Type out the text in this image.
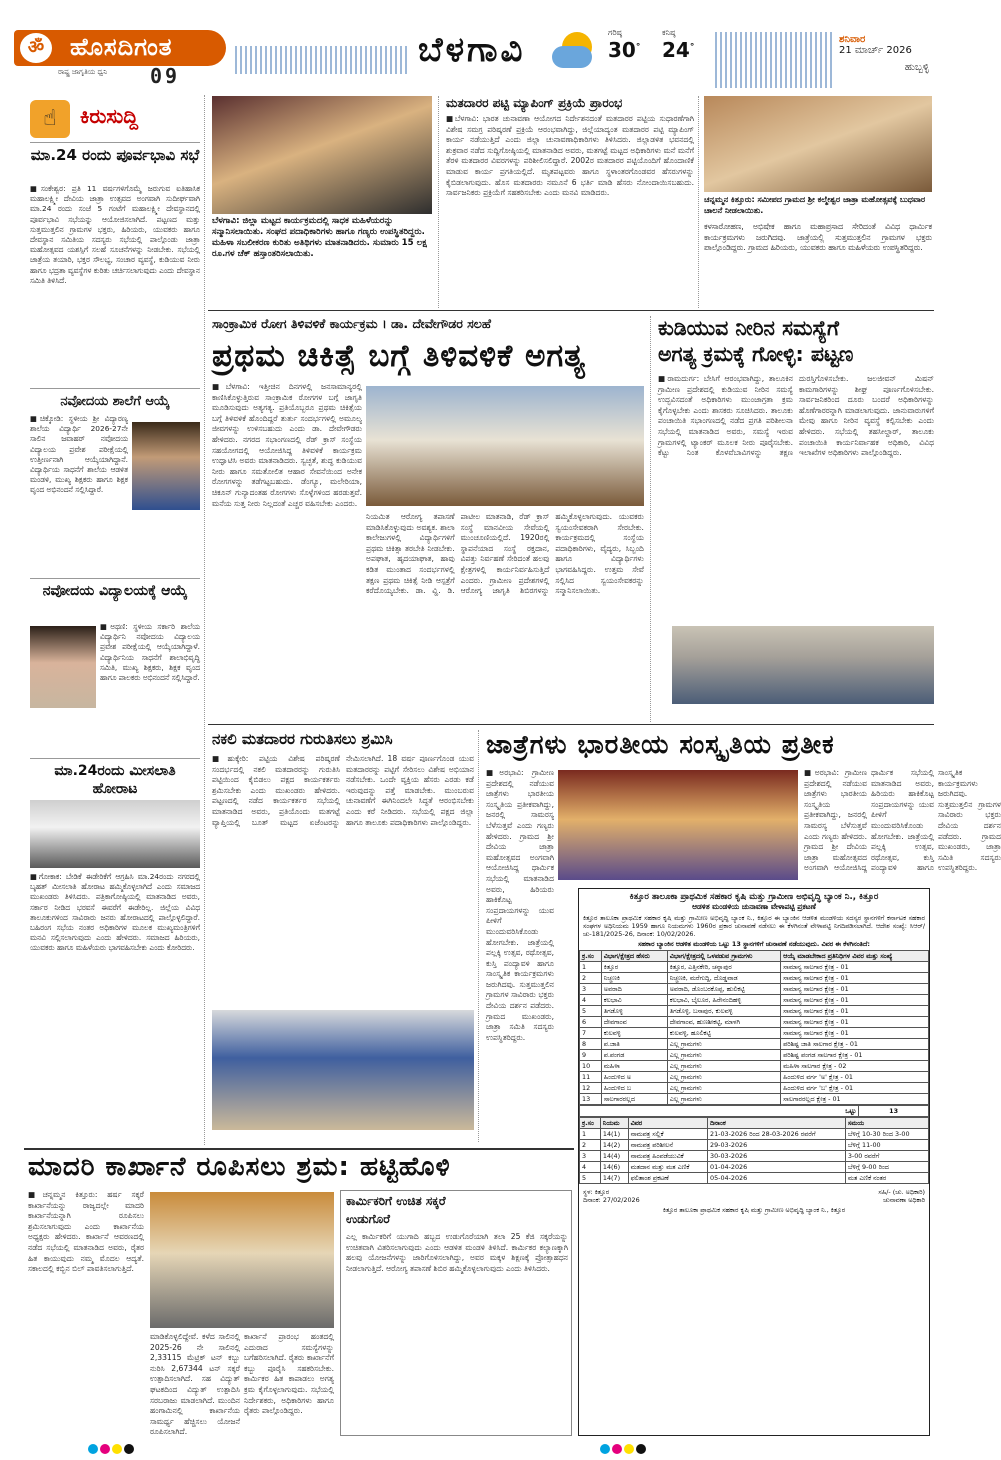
ಹೊಸದಿಗಂತ
ॐ
ರಾಷ್ಟ್ರ ಜಾಗೃತಿಯ ಧ್ವನಿ 09
ಬೆಳಗಾವಿ	ಗರಿಷ್ಠ
30°
ಕನಿಷ್ಠ
24°
ಶನಿವಾರ
21 ಮಾರ್ಚ್ 2026
ಹುಬ್ಬಳ್ಳಿ
☝	ಕಿರುಸುದ್ದಿ
ಮಾ.24 ರಂದು ಪೂರ್ವಭಾವಿ ಸಭೆ
■ಸಂಕೇಶ್ವರ: ಪ್ರತಿ 11 ವರ್ಷಗಳಿಗೊಮ್ಮೆ ಜರುಗುವ ಐತಿಹಾಸಿಕ ಮಹಾಲಕ್ಷ್ಮೀ ದೇವಿಯ ಜಾತ್ರಾ ಉತ್ಸವದ ಅಂಗವಾಗಿ ಸುದೀರ್ಘವಾಗಿ ಮಾ.24 ರಂದು ಸಂಜೆ 5 ಗಂಟೆಗೆ ಮಹಾಲಕ್ಷ್ಮೀ ದೇವಸ್ಥಾನದಲ್ಲಿ ಪೂರ್ವಭಾವಿ ಸಭೆಯನ್ನು ಆಯೋಜಿಸಲಾಗಿದೆ. ಪಟ್ಟಣದ ಮತ್ತು ಸುತ್ತಮುತ್ತಲಿನ ಗ್ರಾಮಗಳ ಭಕ್ತರು, ಹಿರಿಯರು, ಯುವಕರು ಹಾಗೂ ದೇವಸ್ಥಾನ ಸಮಿತಿಯ ಸದಸ್ಯರು ಸಭೆಯಲ್ಲಿ ಪಾಲ್ಗೊಂಡು ಜಾತ್ರಾ ಮಹೋತ್ಸವದ ಯಶಸ್ಸಿಗೆ ಸಲಹೆ ಸೂಚನೆಗಳನ್ನು ನೀಡಬೇಕು. ಸಭೆಯಲ್ಲಿ ಜಾತ್ರೆಯ ತಯಾರಿ, ಭಕ್ತರ ಸೌಲಭ್ಯ, ಸಂಚಾರ ವ್ಯವಸ್ಥೆ, ಕುಡಿಯುವ ನೀರು ಹಾಗೂ ಭದ್ರತಾ ವ್ಯವಸ್ಥೆಗಳ ಕುರಿತು ಚರ್ಚಿಸಲಾಗುವುದು ಎಂದು ದೇವಸ್ಥಾನ ಸಮಿತಿ ತಿಳಿಸಿದೆ.
ನವೋದಯ ಶಾಲೆಗೆ ಆಯ್ಕೆ
■ಚಿಕ್ಕೋಡಿ: ಸ್ಥಳೀಯ ಶ್ರೀ ವಿದ್ಯಾರಣ್ಯ ಶಾಲೆಯ ವಿದ್ಯಾರ್ಥಿ 2026-27ನೇ ಸಾಲಿನ ಜವಾಹರ್ ನವೋದಯ ವಿದ್ಯಾಲಯ ಪ್ರವೇಶ ಪರೀಕ್ಷೆಯಲ್ಲಿ ಉತ್ತೀರ್ಣನಾಗಿ ಆಯ್ಕೆಯಾಗಿದ್ದಾನೆ. ವಿದ್ಯಾರ್ಥಿಯ ಸಾಧನೆಗೆ ಶಾಲೆಯ ಆಡಳಿತ ಮಂಡಳಿ, ಮುಖ್ಯ ಶಿಕ್ಷಕರು ಹಾಗೂ ಶಿಕ್ಷಕ ವೃಂದ ಅಭಿನಂದನೆ ಸಲ್ಲಿಸಿದ್ದಾರೆ.
ನವೋದಯ ವಿದ್ಯಾಲಯಕ್ಕೆ ಆಯ್ಕೆ
■ಅಥಣಿ: ಸ್ಥಳೀಯ ಸರ್ಕಾರಿ ಶಾಲೆಯ ವಿದ್ಯಾರ್ಥಿನಿ ನವೋದಯ ವಿದ್ಯಾಲಯ ಪ್ರವೇಶ ಪರೀಕ್ಷೆಯಲ್ಲಿ ಆಯ್ಕೆಯಾಗಿದ್ದಾಳೆ. ವಿದ್ಯಾರ್ಥಿನಿಯ ಸಾಧನೆಗೆ ಶಾಲಾಭಿವೃದ್ಧಿ ಸಮಿತಿ, ಮುಖ್ಯ ಶಿಕ್ಷಕರು, ಶಿಕ್ಷಕ ವೃಂದ ಹಾಗೂ ಪಾಲಕರು ಅಭಿನಂದನೆ ಸಲ್ಲಿಸಿದ್ದಾರೆ.
ಮಾ.24ರಂದು ಮೀಸಲಾತಿ ಹೋರಾಟ
■ಗೋಕಾಕ: ಬೇಡಿಕೆ ಈಡೇರಿಕೆಗೆ ಆಗ್ರಹಿಸಿ ಮಾ.24ರಂದು ನಗರದಲ್ಲಿ ಬೃಹತ್ ಮೀಸಲಾತಿ ಹೋರಾಟ ಹಮ್ಮಿಕೊಳ್ಳಲಾಗಿದೆ ಎಂದು ಸಮಾಜದ ಮುಖಂಡರು ತಿಳಿಸಿದರು. ಪತ್ರಿಕಾಗೋಷ್ಠಿಯಲ್ಲಿ ಮಾತನಾಡಿದ ಅವರು, ಸರ್ಕಾರ ನೀಡಿದ ಭರವಸೆ ಈವರೆಗೆ ಈಡೇರಿಲ್ಲ. ಜಿಲ್ಲೆಯ ವಿವಿಧ ತಾಲೂಕುಗಳಿಂದ ಸಾವಿರಾರು ಜನರು ಹೋರಾಟದಲ್ಲಿ ಪಾಲ್ಗೊಳ್ಳಲಿದ್ದಾರೆ. ಬಹಿರಂಗ ಸಭೆಯ ನಂತರ ಅಧಿಕಾರಿಗಳ ಮೂಲಕ ಮುಖ್ಯಮಂತ್ರಿಗಳಿಗೆ ಮನವಿ ಸಲ್ಲಿಸಲಾಗುವುದು ಎಂದು ಹೇಳಿದರು. ಸಮಾಜದ ಹಿರಿಯರು, ಯುವಕರು ಹಾಗೂ ಮಹಿಳೆಯರು ಭಾಗವಹಿಸಬೇಕು ಎಂದು ಕೋರಿದರು.
ಬೆಳಗಾವಿ: ಜಿಲ್ಲಾ ಮಟ್ಟದ ಕಾರ್ಯಕ್ರಮದಲ್ಲಿ ಸಾಧಕ ಮಹಿಳೆಯರನ್ನು ಸನ್ಮಾನಿಸಲಾಯಿತು. ಸಂಘದ ಪದಾಧಿಕಾರಿಗಳು ಹಾಗೂ ಗಣ್ಯರು ಉಪಸ್ಥಿತರಿದ್ದರು. ಮಹಿಳಾ ಸಬಲೀಕರಣ ಕುರಿತು ಅತಿಥಿಗಳು ಮಾತನಾಡಿದರು. ಸುಮಾರು 15 ಲಕ್ಷ ರೂ.ಗಳ ಚೆಕ್ ಹಸ್ತಾಂತರಿಸಲಾಯಿತು.
ಮತದಾರರ ಪಟ್ಟಿ ಮ್ಯಾಪಿಂಗ್ ಪ್ರಕ್ರಿಯೆ ಪ್ರಾರಂಭ
■ಬೆಳಗಾವಿ: ಭಾರತ ಚುನಾವಣಾ ಆಯೋಗದ ನಿರ್ದೇಶನದಂತೆ ಮತದಾರರ ಪಟ್ಟಿಯ ಸುಧಾರಣೆಗಾಗಿ ವಿಶೇಷ ಸಮಗ್ರ ಪರಿಷ್ಕರಣೆ ಪ್ರಕ್ರಿಯೆ ಆರಂಭವಾಗಿದ್ದು, ಜಿಲ್ಲೆಯಾದ್ಯಂತ ಮತದಾರರ ಪಟ್ಟಿ ಮ್ಯಾಪಿಂಗ್ ಕಾರ್ಯ ನಡೆಯುತ್ತಿದೆ ಎಂದು ಜಿಲ್ಲಾ ಚುನಾವಣಾಧಿಕಾರಿಗಳು ತಿಳಿಸಿದರು. ಜಿಲ್ಲಾಡಳಿತ ಭವನದಲ್ಲಿ ಶುಕ್ರವಾರ ನಡೆದ ಸುದ್ದಿಗೋಷ್ಠಿಯಲ್ಲಿ ಮಾತನಾಡಿದ ಅವರು, ಮತಗಟ್ಟೆ ಮಟ್ಟದ ಅಧಿಕಾರಿಗಳು ಮನೆ ಮನೆಗೆ ತೆರಳಿ ಮತದಾರರ ವಿವರಗಳನ್ನು ಪರಿಶೀಲಿಸಲಿದ್ದಾರೆ. 2002ರ ಮತದಾರರ ಪಟ್ಟಿಯೊಂದಿಗೆ ಹೊಂದಾಣಿಕೆ ಮಾಡುವ ಕಾರ್ಯ ಪ್ರಗತಿಯಲ್ಲಿದೆ. ಮೃತಪಟ್ಟವರು ಹಾಗೂ ಸ್ಥಳಾಂತರಗೊಂಡವರ ಹೆಸರುಗಳನ್ನು ಕೈಬಿಡಲಾಗುವುದು. ಹೊಸ ಮತದಾರರು ನಮೂನೆ 6 ಭರ್ತಿ ಮಾಡಿ ಹೆಸರು ನೋಂದಾಯಿಸಬಹುದು. ಸಾರ್ವಜನಿಕರು ಪ್ರಕ್ರಿಯೆಗೆ ಸಹಕರಿಸಬೇಕು ಎಂದು ಮನವಿ ಮಾಡಿದರು.
ಚನ್ನಮ್ಮನ ಕಿತ್ತೂರು: ಸಮೀಪದ ಗ್ರಾಮದ ಶ್ರೀ ಕಲ್ಮೇಶ್ವರ ಜಾತ್ರಾ ಮಹೋತ್ಸವಕ್ಕೆ ಬುಧವಾರ ಚಾಲನೆ ನೀಡಲಾಯಿತು.
ಕಳಸಾರೋಹಣ, ಅಭಿಷೇಕ ಹಾಗೂ ಮಹಾಪ್ರಸಾದ ಸೇರಿದಂತೆ ವಿವಿಧ ಧಾರ್ಮಿಕ ಕಾರ್ಯಕ್ರಮಗಳು ಜರುಗಿದವು. ಜಾತ್ರೆಯಲ್ಲಿ ಸುತ್ತಮುತ್ತಲಿನ ಗ್ರಾಮಗಳ ಭಕ್ತರು ಪಾಲ್ಗೊಂಡಿದ್ದರು. ಗ್ರಾಮದ ಹಿರಿಯರು, ಯುವಕರು ಹಾಗೂ ಮಹಿಳೆಯರು ಉಪಸ್ಥಿತರಿದ್ದರು.
ಸಾಂಕ್ರಾಮಿಕ ರೋಗ ತಿಳಿವಳಿಕೆ ಕಾರ್ಯಕ್ರಮ । ಡಾ. ದೇವೇಗೌಡರ ಸಲಹೆ
ಪ್ರಥಮ ಚಿಕಿತ್ಸೆ ಬಗ್ಗೆ ತಿಳಿವಳಿಕೆ ಅಗತ್ಯ
■ಬೆಳಗಾವಿ: ಇತ್ತೀಚಿನ ದಿನಗಳಲ್ಲಿ ಜನಸಾಮಾನ್ಯರಲ್ಲಿ ಕಾಣಿಸಿಕೊಳ್ಳುತ್ತಿರುವ ಸಾಂಕ್ರಾಮಿಕ ರೋಗಗಳ ಬಗ್ಗೆ ಜಾಗೃತಿ ಮೂಡಿಸುವುದು ಅತ್ಯಗತ್ಯ. ಪ್ರತಿಯೊಬ್ಬರೂ ಪ್ರಥಮ ಚಿಕಿತ್ಸೆಯ ಬಗ್ಗೆ ತಿಳಿವಳಿಕೆ ಹೊಂದಿದ್ದರೆ ತುರ್ತು ಸಂದರ್ಭಗಳಲ್ಲಿ ಅಮೂಲ್ಯ ಜೀವಗಳನ್ನು ಉಳಿಸಬಹುದು ಎಂದು ಡಾ. ದೇವೇಗೌಡರು ಹೇಳಿದರು. ನಗರದ ಸಭಾಂಗಣದಲ್ಲಿ ರೆಡ್ ಕ್ರಾಸ್ ಸಂಸ್ಥೆಯ ಸಹಯೋಗದಲ್ಲಿ ಆಯೋಜಿಸಿದ್ದ ತಿಳಿವಳಿಕೆ ಕಾರ್ಯಕ್ರಮ ಉದ್ಘಾಟಿಸಿ ಅವರು ಮಾತನಾಡಿದರು. ಸ್ವಚ್ಛತೆ, ಶುದ್ಧ ಕುಡಿಯುವ ನೀರು ಹಾಗೂ ಸಮತೋಲಿತ ಆಹಾರ ಸೇವನೆಯಿಂದ ಅನೇಕ ರೋಗಗಳನ್ನು ತಡೆಗಟ್ಟಬಹುದು. ಡೆಂಗ್ಯೂ, ಮಲೇರಿಯಾ, ಚಿಕೂನ್ ಗುನ್ಯಾದಂತಹ ರೋಗಗಳು ಸೊಳ್ಳೆಗಳಿಂದ ಹರಡುತ್ತವೆ. ಮನೆಯ ಸುತ್ತ ನೀರು ನಿಲ್ಲದಂತೆ ಎಚ್ಚರ ವಹಿಸಬೇಕು ಎಂದರು.
ನಿಯಮಿತ ಆರೋಗ್ಯ ತಪಾಸಣೆ ಮಾಡಿಸಿಕೊಳ್ಳುವುದು ಅವಶ್ಯಕ. ಶಾಲಾ ಕಾಲೇಜುಗಳಲ್ಲಿ ವಿದ್ಯಾರ್ಥಿಗಳಿಗೆ ಪ್ರಥಮ ಚಿಕಿತ್ಸಾ ತರಬೇತಿ ನೀಡಬೇಕು. ಅಪಘಾತ, ಹೃದಯಾಘಾತ, ಹಾವು ಕಡಿತ ಮುಂತಾದ ಸಂದರ್ಭಗಳಲ್ಲಿ ತಕ್ಷಣ ಪ್ರಥಮ ಚಿಕಿತ್ಸೆ ನೀಡಿ ಆಸ್ಪತ್ರೆಗೆ ಕರೆದೊಯ್ಯಬೇಕು. ಡಾ. ವ್ಹಿ. ಡಿ. ಪಾಟೀಲ ಮಾತನಾಡಿ, ರೆಡ್ ಕ್ರಾಸ್ ಸಂಸ್ಥೆ ಮಾನವೀಯ ಸೇವೆಯಲ್ಲಿ ಮುಂಚೂಣಿಯಲ್ಲಿದೆ. 1920ರಲ್ಲಿ ಸ್ಥಾಪನೆಯಾದ ಸಂಸ್ಥೆ ರಕ್ತದಾನ, ವಿಪತ್ತು ನಿರ್ವಹಣೆ ಸೇರಿದಂತೆ ಹಲವು ಕ್ಷೇತ್ರಗಳಲ್ಲಿ ಕಾರ್ಯನಿರ್ವಹಿಸುತ್ತಿದೆ ಎಂದರು. ಗ್ರಾಮೀಣ ಪ್ರದೇಶಗಳಲ್ಲಿ ಆರೋಗ್ಯ ಜಾಗೃತಿ ಶಿಬಿರಗಳನ್ನು ಹಮ್ಮಿಕೊಳ್ಳಲಾಗುವುದು. ಯುವಕರು ಸ್ವಯಂಸೇವಕರಾಗಿ ಸೇರಬೇಕು. ಕಾರ್ಯಕ್ರಮದಲ್ಲಿ ಸಂಸ್ಥೆಯ ಪದಾಧಿಕಾರಿಗಳು, ವೈದ್ಯರು, ಸಿಬ್ಬಂದಿ ಹಾಗೂ ವಿದ್ಯಾರ್ಥಿಗಳು ಭಾಗವಹಿಸಿದ್ದರು. ಉತ್ತಮ ಸೇವೆ ಸಲ್ಲಿಸಿದ ಸ್ವಯಂಸೇವಕರನ್ನು ಸನ್ಮಾನಿಸಲಾಯಿತು.
ಕುಡಿಯುವ ನೀರಿನ ಸಮಸ್ಯೆಗೆ
ಅಗತ್ಯ ಕ್ರಮಕ್ಕೆ ಗೋಳ್ಳಿ: ಪಟ್ಟಣ
■ರಾಮದುರ್ಗ: ಬೇಸಿಗೆ ಆರಂಭವಾಗಿದ್ದು, ತಾಲೂಕಿನ ಗ್ರಾಮೀಣ ಪ್ರದೇಶದಲ್ಲಿ ಕುಡಿಯುವ ನೀರಿನ ಸಮಸ್ಯೆ ಉದ್ಭವಿಸದಂತೆ ಅಧಿಕಾರಿಗಳು ಮುಂಜಾಗ್ರತಾ ಕ್ರಮ ಕೈಗೊಳ್ಳಬೇಕು ಎಂದು ಶಾಸಕರು ಸೂಚಿಸಿದರು. ತಾಲೂಕು ಪಂಚಾಯಿತಿ ಸಭಾಂಗಣದಲ್ಲಿ ನಡೆದ ಪ್ರಗತಿ ಪರಿಶೀಲನಾ ಸಭೆಯಲ್ಲಿ ಮಾತನಾಡಿದ ಅವರು, ಸಮಸ್ಯೆ ಇರುವ ಗ್ರಾಮಗಳಲ್ಲಿ ಟ್ಯಾಂಕರ್ ಮೂಲಕ ನೀರು ಪೂರೈಸಬೇಕು. ಕೆಟ್ಟು ನಿಂತ ಕೊಳವೆಬಾವಿಗಳನ್ನು ತಕ್ಷಣ ದುರಸ್ತಿಗೊಳಿಸಬೇಕು. ಜಲಜೀವನ್ ಮಿಷನ್ ಕಾಮಗಾರಿಗಳನ್ನು ಶೀಘ್ರ ಪೂರ್ಣಗೊಳಿಸಬೇಕು. ಸಾರ್ವಜನಿಕರಿಂದ ದೂರು ಬಂದರೆ ಅಧಿಕಾರಿಗಳನ್ನು ಹೊಣೆಗಾರರನ್ನಾಗಿ ಮಾಡಲಾಗುವುದು. ಜಾನುವಾರುಗಳಿಗೆ ಮೇವು ಹಾಗೂ ನೀರಿನ ವ್ಯವಸ್ಥೆ ಕಲ್ಪಿಸಬೇಕು ಎಂದು ಹೇಳಿದರು. ಸಭೆಯಲ್ಲಿ ತಹಸೀಲ್ದಾರ್, ತಾಲೂಕು ಪಂಚಾಯಿತಿ ಕಾರ್ಯನಿರ್ವಾಹಕ ಅಧಿಕಾರಿ, ವಿವಿಧ ಇಲಾಖೆಗಳ ಅಧಿಕಾರಿಗಳು ಪಾಲ್ಗೊಂಡಿದ್ದರು.
ನಕಲಿ ಮತದಾರರ ಗುರುತಿಸಲು ಶ್ರಮಿಸಿ
■ಹುಕ್ಕೇರಿ: ಪಟ್ಟಿಯ ವಿಶೇಷ ಪರಿಷ್ಕರಣೆ ಸಂದರ್ಭದಲ್ಲಿ ನಕಲಿ ಮತದಾರರನ್ನು ಗುರುತಿಸಿ ಪಟ್ಟಿಯಿಂದ ಕೈಬಿಡಲು ಪಕ್ಷದ ಕಾರ್ಯಕರ್ತರು ಶ್ರಮಿಸಬೇಕು ಎಂದು ಮುಖಂಡರು ಹೇಳಿದರು. ಪಟ್ಟಣದಲ್ಲಿ ನಡೆದ ಕಾರ್ಯಕರ್ತರ ಸಭೆಯಲ್ಲಿ ಮಾತನಾಡಿದ ಅವರು, ಪ್ರತಿಯೊಂದು ಮತಗಟ್ಟೆ ವ್ಯಾಪ್ತಿಯಲ್ಲಿ ಬೂತ್ ಮಟ್ಟದ ಏಜೆಂಟರನ್ನು ನೇಮಿಸಲಾಗಿದೆ. 18 ವರ್ಷ ಪೂರ್ಣಗೊಂಡ ಯುವ ಮತದಾರರನ್ನು ಪಟ್ಟಿಗೆ ಸೇರಿಸಲು ವಿಶೇಷ ಅಭಿಯಾನ ನಡೆಸಬೇಕು. ಒಂದೇ ವ್ಯಕ್ತಿಯ ಹೆಸರು ಎರಡು ಕಡೆ ಇರುವುದನ್ನು ಪತ್ತೆ ಮಾಡಬೇಕು. ಮುಂಬರುವ ಚುನಾವಣೆಗೆ ಈಗಿನಿಂದಲೇ ಸಿದ್ಧತೆ ಆರಂಭಿಸಬೇಕು ಎಂದು ಕರೆ ನೀಡಿದರು. ಸಭೆಯಲ್ಲಿ ಪಕ್ಷದ ಜಿಲ್ಲಾ ಹಾಗೂ ತಾಲೂಕು ಪದಾಧಿಕಾರಿಗಳು ಪಾಲ್ಗೊಂಡಿದ್ದರು.
ಜಾತ್ರೆಗಳು ಭಾರತೀಯ ಸಂಸ್ಕೃತಿಯ ಪ್ರತೀಕ
■ಅರಭಾವಿ: ಗ್ರಾಮೀಣ ಪ್ರದೇಶದಲ್ಲಿ ನಡೆಯುವ ಜಾತ್ರೆಗಳು ಭಾರತೀಯ ಸಂಸ್ಕೃತಿಯ ಪ್ರತೀಕವಾಗಿದ್ದು, ಜನರಲ್ಲಿ ಸಾಮರಸ್ಯ ಬೆಳೆಸುತ್ತವೆ ಎಂದು ಗಣ್ಯರು ಹೇಳಿದರು. ಗ್ರಾಮದ ಶ್ರೀ ದೇವಿಯ ಜಾತ್ರಾ ಮಹೋತ್ಸವದ ಅಂಗವಾಗಿ ಆಯೋಜಿಸಿದ್ದ ಧಾರ್ಮಿಕ ಸಭೆಯಲ್ಲಿ ಮಾತನಾಡಿದ ಅವರು, ಹಿರಿಯರು ಹಾಕಿಕೊಟ್ಟ ಸಂಪ್ರದಾಯಗಳನ್ನು ಯುವ ಪೀಳಿಗೆ ಮುಂದುವರಿಸಿಕೊಂಡು ಹೋಗಬೇಕು. ಜಾತ್ರೆಯಲ್ಲಿ ಪಲ್ಲಕ್ಕಿ ಉತ್ಸವ, ರಥೋತ್ಸವ, ಕುಸ್ತಿ ಪಂದ್ಯಾವಳಿ ಹಾಗೂ ಸಾಂಸ್ಕೃತಿಕ ಕಾರ್ಯಕ್ರಮಗಳು ಜರುಗಿದವು. ಸುತ್ತಮುತ್ತಲಿನ ಗ್ರಾಮಗಳ ಸಾವಿರಾರು ಭಕ್ತರು ದೇವಿಯ ದರ್ಶನ ಪಡೆದರು. ಗ್ರಾಮದ ಮುಖಂಡರು, ಜಾತ್ರಾ ಸಮಿತಿ ಸದಸ್ಯರು ಉಪಸ್ಥಿತರಿದ್ದರು.
■ಅರಭಾವಿ: ಗ್ರಾಮೀಣ ಪ್ರದೇಶದಲ್ಲಿ ನಡೆಯುವ ಜಾತ್ರೆಗಳು ಭಾರತೀಯ ಸಂಸ್ಕೃತಿಯ ಪ್ರತೀಕವಾಗಿದ್ದು, ಜನರಲ್ಲಿ ಸಾಮರಸ್ಯ ಬೆಳೆಸುತ್ತವೆ ಎಂದು ಗಣ್ಯರು ಹೇಳಿದರು. ಗ್ರಾಮದ ಶ್ರೀ ದೇವಿಯ ಜಾತ್ರಾ ಮಹೋತ್ಸವದ ಅಂಗವಾಗಿ ಆಯೋಜಿಸಿದ್ದ ಧಾರ್ಮಿಕ ಸಭೆಯಲ್ಲಿ ಮಾತನಾಡಿದ ಅವರು, ಹಿರಿಯರು ಹಾಕಿಕೊಟ್ಟ ಸಂಪ್ರದಾಯಗಳನ್ನು ಯುವ ಪೀಳಿಗೆ ಮುಂದುವರಿಸಿಕೊಂಡು ಹೋಗಬೇಕು. ಜಾತ್ರೆಯಲ್ಲಿ ಪಲ್ಲಕ್ಕಿ ಉತ್ಸವ, ರಥೋತ್ಸವ, ಕುಸ್ತಿ ಪಂದ್ಯಾವಳಿ ಹಾಗೂ ಸಾಂಸ್ಕೃತಿಕ ಕಾರ್ಯಕ್ರಮಗಳು ಜರುಗಿದವು. ಸುತ್ತಮುತ್ತಲಿನ ಗ್ರಾಮಗಳ ಸಾವಿರಾರು ಭಕ್ತರು ದೇವಿಯ ದರ್ಶನ ಪಡೆದರು. ಗ್ರಾಮದ ಮುಖಂಡರು, ಜಾತ್ರಾ ಸಮಿತಿ ಸದಸ್ಯರು ಉಪಸ್ಥಿತರಿದ್ದರು.
ಕಿತ್ತೂರ ತಾಲೂಕಾ ಪ್ರಾಥಮಿಕ ಸಹಕಾರ ಕೃಷಿ ಮತ್ತು ಗ್ರಾಮೀಣ ಅಭಿವೃದ್ಧಿ ಬ್ಯಾಂಕ ನಿ., ಕಿತ್ತೂರ
ಆಡಳಿತ ಮಂಡಳಿಯ ಚುನಾವಣಾ ವೇಳಾಪಟ್ಟಿ ಪ್ರಕಟಣೆ
ಕಿತ್ತೂರ ತಾಲೂಕಾ ಪ್ರಾಥಮಿಕ ಸಹಕಾರ ಕೃಷಿ ಮತ್ತು ಗ್ರಾಮೀಣ ಅಭಿವೃದ್ಧಿ ಬ್ಯಾಂಕ ನಿ., ಕಿತ್ತೂರ ಈ ಬ್ಯಾಂಕಿನ ಆಡಳಿತ ಮಂಡಳಿಯ ಸದಸ್ಯರ ಸ್ಥಾನಗಳಿಗೆ ಕರ್ನಾಟಕ ಸಹಕಾರ ಸಂಘಗಳ ಅಧಿನಿಯಮ 1959 ಹಾಗೂ ನಿಯಮಗಳು 1960ರ ಪ್ರಕಾರ ಚುನಾವಣೆ ನಡೆಸಲು ಈ ಕೆಳಗಿನಂತೆ ವೇಳಾಪಟ್ಟಿ ನಿಗದಿಪಡಿಸಲಾಗಿದೆ. ಆದೇಶ ಸಂಖ್ಯೆ: ಸಿಆರ್/ಚು-181/2025-26, ದಿನಾಂಕ: 10/02/2026.
ಸಹಕಾರ ಬ್ಯಾಂಕಿನ ಆಡಳಿತ ಮಂಡಳಿಯ ಒಟ್ಟು 13 ಸ್ಥಾನಗಳಿಗೆ ಚುನಾವಣೆ ನಡೆಯುವುದು. ವಿವರ ಈ ಕೆಳಗಿನಂತಿದೆ:
ಕ್ರ.ಸಂ	ವಿಭಾಗ/ಕ್ಷೇತ್ರದ ಹೆಸರು	ವಿಭಾಗ/ಕ್ಷೇತ್ರದಲ್ಲಿ ಒಳಪಡುವ ಗ್ರಾಮಗಳು	ಆಯ್ಕೆ ಮಾಡಬೇಕಾದ ಪ್ರತಿನಿಧಿಗಳ ವಿವರ ಮತ್ತು ಸಂಖ್ಯೆ
1	ಕಿತ್ತೂರ	ಕಿತ್ತೂರ, ಎತ್ತಿನಕೇರಿ, ಚನ್ನಾಪುರ	ಸಾಮಾನ್ಯ ಸಾಲಗಾರ ಕ್ಷೇತ್ರ - 01
2	ನಿಚ್ಚಣಕಿ	ನಿಚ್ಚಣಕಿ, ಮರೆಗುದ್ದಿ, ದೊಡ್ಡವಾಡ	ಸಾಮಾನ್ಯ ಸಾಲಗಾರ ಕ್ಷೇತ್ರ - 01
3	ಅವರಾದಿ	ಅವರಾದಿ, ಡೊಂಬರಕೊಪ್ಪ, ಹುಲಿಕಟ್ಟಿ	ಸಾಮಾನ್ಯ ಸಾಲಗಾರ ಕ್ಷೇತ್ರ - 01
4	ಕಲಭಾವಿ	ಕಲಭಾವಿ, ಬೈಲೂರ, ಹಿರೇನಂದಿಹಳ್ಳಿ	ಸಾಮಾನ್ಯ ಸಾಲಗಾರ ಕ್ಷೇತ್ರ - 01
5	ತಿಗಡೊಳ್ಳಿ	ತಿಗಡೊಳ್ಳಿ, ಬಸಾಪುರ, ಕುಲವಳ್ಳಿ	ಸಾಮಾನ್ಯ ಸಾಲಗಾರ ಕ್ಷೇತ್ರ - 01
6	ದೇವಗಾಂವ	ದೇವಗಾಂವ, ಹುಣಶೀಕಟ್ಟಿ, ಮಾಳಗಿ	ಸಾಮಾನ್ಯ ಸಾಲಗಾರ ಕ್ಷೇತ್ರ - 01
7	ಕುಲವಳ್ಳಿ	ಕುಲವಳ್ಳಿ, ಹೂಲಿಕಟ್ಟಿ	ಸಾಮಾನ್ಯ ಸಾಲಗಾರ ಕ್ಷೇತ್ರ - 01
8	ಪ.ಜಾತಿ	ಎಲ್ಲ ಗ್ರಾಮಗಳು	ಪರಿಶಿಷ್ಟ ಜಾತಿ ಸಾಲಗಾರ ಕ್ಷೇತ್ರ - 01
9	ಪ.ಪಂಗಡ	ಎಲ್ಲ ಗ್ರಾಮಗಳು	ಪರಿಶಿಷ್ಟ ಪಂಗಡ ಸಾಲಗಾರ ಕ್ಷೇತ್ರ - 01
10	ಮಹಿಳಾ	ಎಲ್ಲ ಗ್ರಾಮಗಳು	ಮಹಿಳಾ ಸಾಲಗಾರ ಕ್ಷೇತ್ರ - 02
11	ಹಿಂದುಳಿದ ಅ	ಎಲ್ಲ ಗ್ರಾಮಗಳು	ಹಿಂದುಳಿದ ವರ್ಗ 'ಅ' ಕ್ಷೇತ್ರ - 01
12	ಹಿಂದುಳಿದ ಬ	ಎಲ್ಲ ಗ್ರಾಮಗಳು	ಹಿಂದುಳಿದ ವರ್ಗ 'ಬ' ಕ್ಷೇತ್ರ - 01
13	ಸಾಲಗಾರರಲ್ಲದ	ಎಲ್ಲ ಗ್ರಾಮಗಳು	ಸಾಲಗಾರರಲ್ಲದ ಕ್ಷೇತ್ರ - 01
ಒಟ್ಟು	13
ಕ್ರ.ಸಂ	ನಿಯಮ	ವಿವರ	ದಿನಾಂಕ	ಸಮಯ
1	14(1)	ನಾಮಪತ್ರ ಸಲ್ಲಿಕೆ	21-03-2026 ರಿಂದ 28-03-2026 ರವರೆಗೆ	ಬೆಳಿಗ್ಗೆ 10-30 ರಿಂದ 3-00
2	14(2)	ನಾಮಪತ್ರ ಪರಿಶೀಲನೆ	29-03-2026	ಬೆಳಿಗ್ಗೆ 11-00
3	14(4)	ನಾಮಪತ್ರ ಹಿಂಪಡೆಯುವಿಕೆ	30-03-2026	3-00 ರವರೆಗೆ
4	14(6)	ಮತದಾನ ಮತ್ತು ಮತ ಎಣಿಕೆ	01-04-2026	ಬೆಳಿಗ್ಗೆ 9-00 ರಿಂದ
5	14(7)	ಫಲಿತಾಂಶ ಪ್ರಕಟಣೆ	05-04-2026	ಮತ ಎಣಿಕೆ ನಂತರ
ಸ್ಥಳ: ಕಿತ್ತೂರ
ದಿನಾಂಕ: 27/02/2026
ಸಹಿ/- (ಚು. ಅಧಿಕಾರಿ)
ಚುನಾವಣಾ ಅಧಿಕಾರಿ
ಕಿತ್ತೂರ ತಾಲೂಕಾ ಪ್ರಾಥಮಿಕ ಸಹಕಾರ ಕೃಷಿ ಮತ್ತು ಗ್ರಾಮೀಣ ಅಭಿವೃದ್ಧಿ ಬ್ಯಾಂಕ ನಿ., ಕಿತ್ತೂರ
ಮಾದರಿ ಕಾರ್ಖಾನೆ ರೂಪಿಸಲು ಶ್ರಮ: ಹಟ್ಟಿಹೊಳಿ
■ಚನ್ನಮ್ಮನ ಕಿತ್ತೂರು: ಹರ್ಷ ಸಕ್ಕರೆ ಕಾರ್ಖಾನೆಯನ್ನು ರಾಜ್ಯದಲ್ಲೇ ಮಾದರಿ ಕಾರ್ಖಾನೆಯನ್ನಾಗಿ ರೂಪಿಸಲು ಶ್ರಮಿಸಲಾಗುವುದು ಎಂದು ಕಾರ್ಖಾನೆಯ ಅಧ್ಯಕ್ಷರು ಹೇಳಿದರು. ಕಾರ್ಖಾನೆ ಆವರಣದಲ್ಲಿ ನಡೆದ ಸಭೆಯಲ್ಲಿ ಮಾತನಾಡಿದ ಅವರು, ರೈತರ ಹಿತ ಕಾಯುವುದು ನಮ್ಮ ಮೊದಲ ಆದ್ಯತೆ. ಸಕಾಲದಲ್ಲಿ ಕಬ್ಬಿನ ಬಿಲ್ ಪಾವತಿಸಲಾಗುತ್ತಿದೆ.
ಮಾಡಿಕೊಳ್ಳಲಿದ್ದೇವೆ. ಕಳೆದ ಸಾಲಿನಲ್ಲಿ 2025-26 ನೇ ಸಾಲಿನಲ್ಲಿ 2,33115 ಮೆಟ್ರಿಕ್ ಟನ್ ಕಬ್ಬು ನುರಿಸಿ 2,67344 ಟನ್ ಸಕ್ಕರೆ ಉತ್ಪಾದಿಸಲಾಗಿದೆ. ಸಹ ವಿದ್ಯುತ್ ಘಟಕದಿಂದ ವಿದ್ಯುತ್ ಉತ್ಪಾದಿಸಿ ಸರಬರಾಜು ಮಾಡಲಾಗಿದೆ. ಮುಂದಿನ ಹಂಗಾಮಿನಲ್ಲಿ ಕಾರ್ಖಾನೆಯ ಸಾಮರ್ಥ್ಯ ಹೆಚ್ಚಿಸಲು ಯೋಜನೆ ರೂಪಿಸಲಾಗಿದೆ.
ಕಾರ್ಖಾನೆ ಪ್ರಾರಂಭ ಹಂತದಲ್ಲಿ ಎದುರಾದ ಸಮಸ್ಯೆಗಳನ್ನು ಬಗೆಹರಿಸಲಾಗಿದೆ. ರೈತರು ಕಾರ್ಖಾನೆಗೆ ಕಬ್ಬು ಪೂರೈಸಿ ಸಹಕರಿಸಬೇಕು. ಕಾರ್ಮಿಕರ ಹಿತ ಕಾಪಾಡಲು ಅಗತ್ಯ ಕ್ರಮ ಕೈಗೊಳ್ಳಲಾಗುವುದು. ಸಭೆಯಲ್ಲಿ ನಿರ್ದೇಶಕರು, ಅಧಿಕಾರಿಗಳು ಹಾಗೂ ರೈತರು ಪಾಲ್ಗೊಂಡಿದ್ದರು.
ಕಾರ್ಮಿಕರಿಗೆ ಉಚಿತ ಸಕ್ಕರೆ
ಉಡುಗೊರೆ
ಎಲ್ಲ ಕಾರ್ಮಿಕರಿಗೆ ಯುಗಾದಿ ಹಬ್ಬದ ಉಡುಗೊರೆಯಾಗಿ ತಲಾ 25 ಕೆಜಿ ಸಕ್ಕರೆಯನ್ನು ಉಚಿತವಾಗಿ ವಿತರಿಸಲಾಗುವುದು ಎಂದು ಆಡಳಿತ ಮಂಡಳಿ ತಿಳಿಸಿದೆ. ಕಾರ್ಮಿಕರ ಕಲ್ಯಾಣಕ್ಕಾಗಿ ಹಲವು ಯೋಜನೆಗಳನ್ನು ಜಾರಿಗೊಳಿಸಲಾಗಿದ್ದು, ಅವರ ಮಕ್ಕಳ ಶಿಕ್ಷಣಕ್ಕೆ ಪ್ರೋತ್ಸಾಹಧನ ನೀಡಲಾಗುತ್ತಿದೆ. ಆರೋಗ್ಯ ತಪಾಸಣೆ ಶಿಬಿರ ಹಮ್ಮಿಕೊಳ್ಳಲಾಗುವುದು ಎಂದು ತಿಳಿಸಿದರು.
